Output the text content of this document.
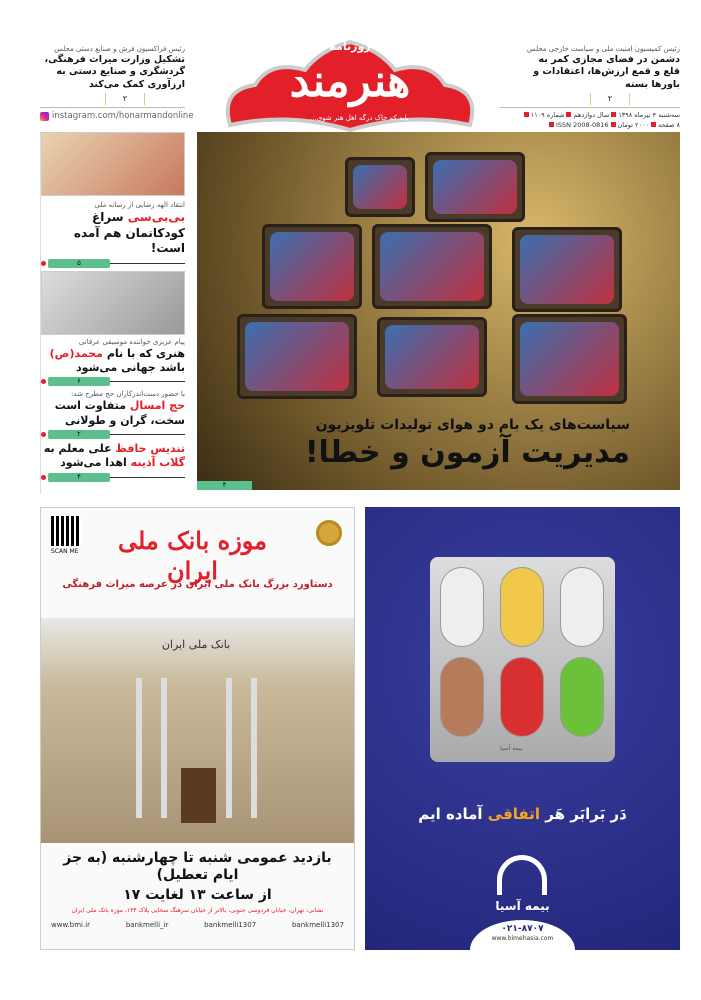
رئیس فراکسیون فرش و صنایع دستی مجلس
تشکیل وزارت میراث فرهنگی، گردشگری و صنایع دستی به ارزآوری کمک می‌کند
۲
instagram.com/honarmandonline
روزنامه
هنرمند
...باید که خاک درگه اهل هنر شوی
رئیس کمیسیون امنیت ملی و سیاست خارجی مجلس
دشمن در فضای مجازی کمر به قلع و قمع ارزش‌ها، اعتقادات و باورها بسته
۲
سه‌شنبه ۴ تیرماه ۱۳۹۸سال دوازدهمشماره ۱۱۰۹
۸ صفحه۲۰۰۰ تومانISSN 2008-0816
انتقاد الهه رضایی از رسانه ملی
بی‌بی‌سی سراغ کودکانمان هم آمده است!
۵
پیام عزیزی خواننده موسیقی عرفانی
هنری که با نام محمد(ص) باشد جهانی می‌شود
۶
با حضور دست‌اندرکاران حج مطرح شد:
حج امسال متفاوت است سخت، گران و طولانی
۲
تندیس حافظ علی معلم به گلاب آذینه اهدا می‌شود
۴
سیاست‌های یک بام دو هوای تولیدات تلویزیون
مدیریت آزمون و خطا!
۴
SCAN ME	موزه بانک ملی ایران
دستاورد بزرگ بانک ملی ایران در عرصه میراث فرهنگی
بانک ملی ایران
بازدید عمومی شنبه تا چهارشنبه (به جز ایام تعطیل)
از ساعت ۱۳ لغایت ۱۷
نشانی: تهران، خیابان فردوسی جنوبی، بالاتر از خیابان سرهنگ سخایی پلاک ۱۳۴، موزه بانک ملی ایران
www.bmi.ir	bankmelli_ir	bankmelli1307	bankmelli1307
بیمه آسیا
دَر بَرابَر هَر اتفاقی آماده ایم
بیمه آسیا
۰۲۱-۸۷۰۷
www.bimehasia.com
